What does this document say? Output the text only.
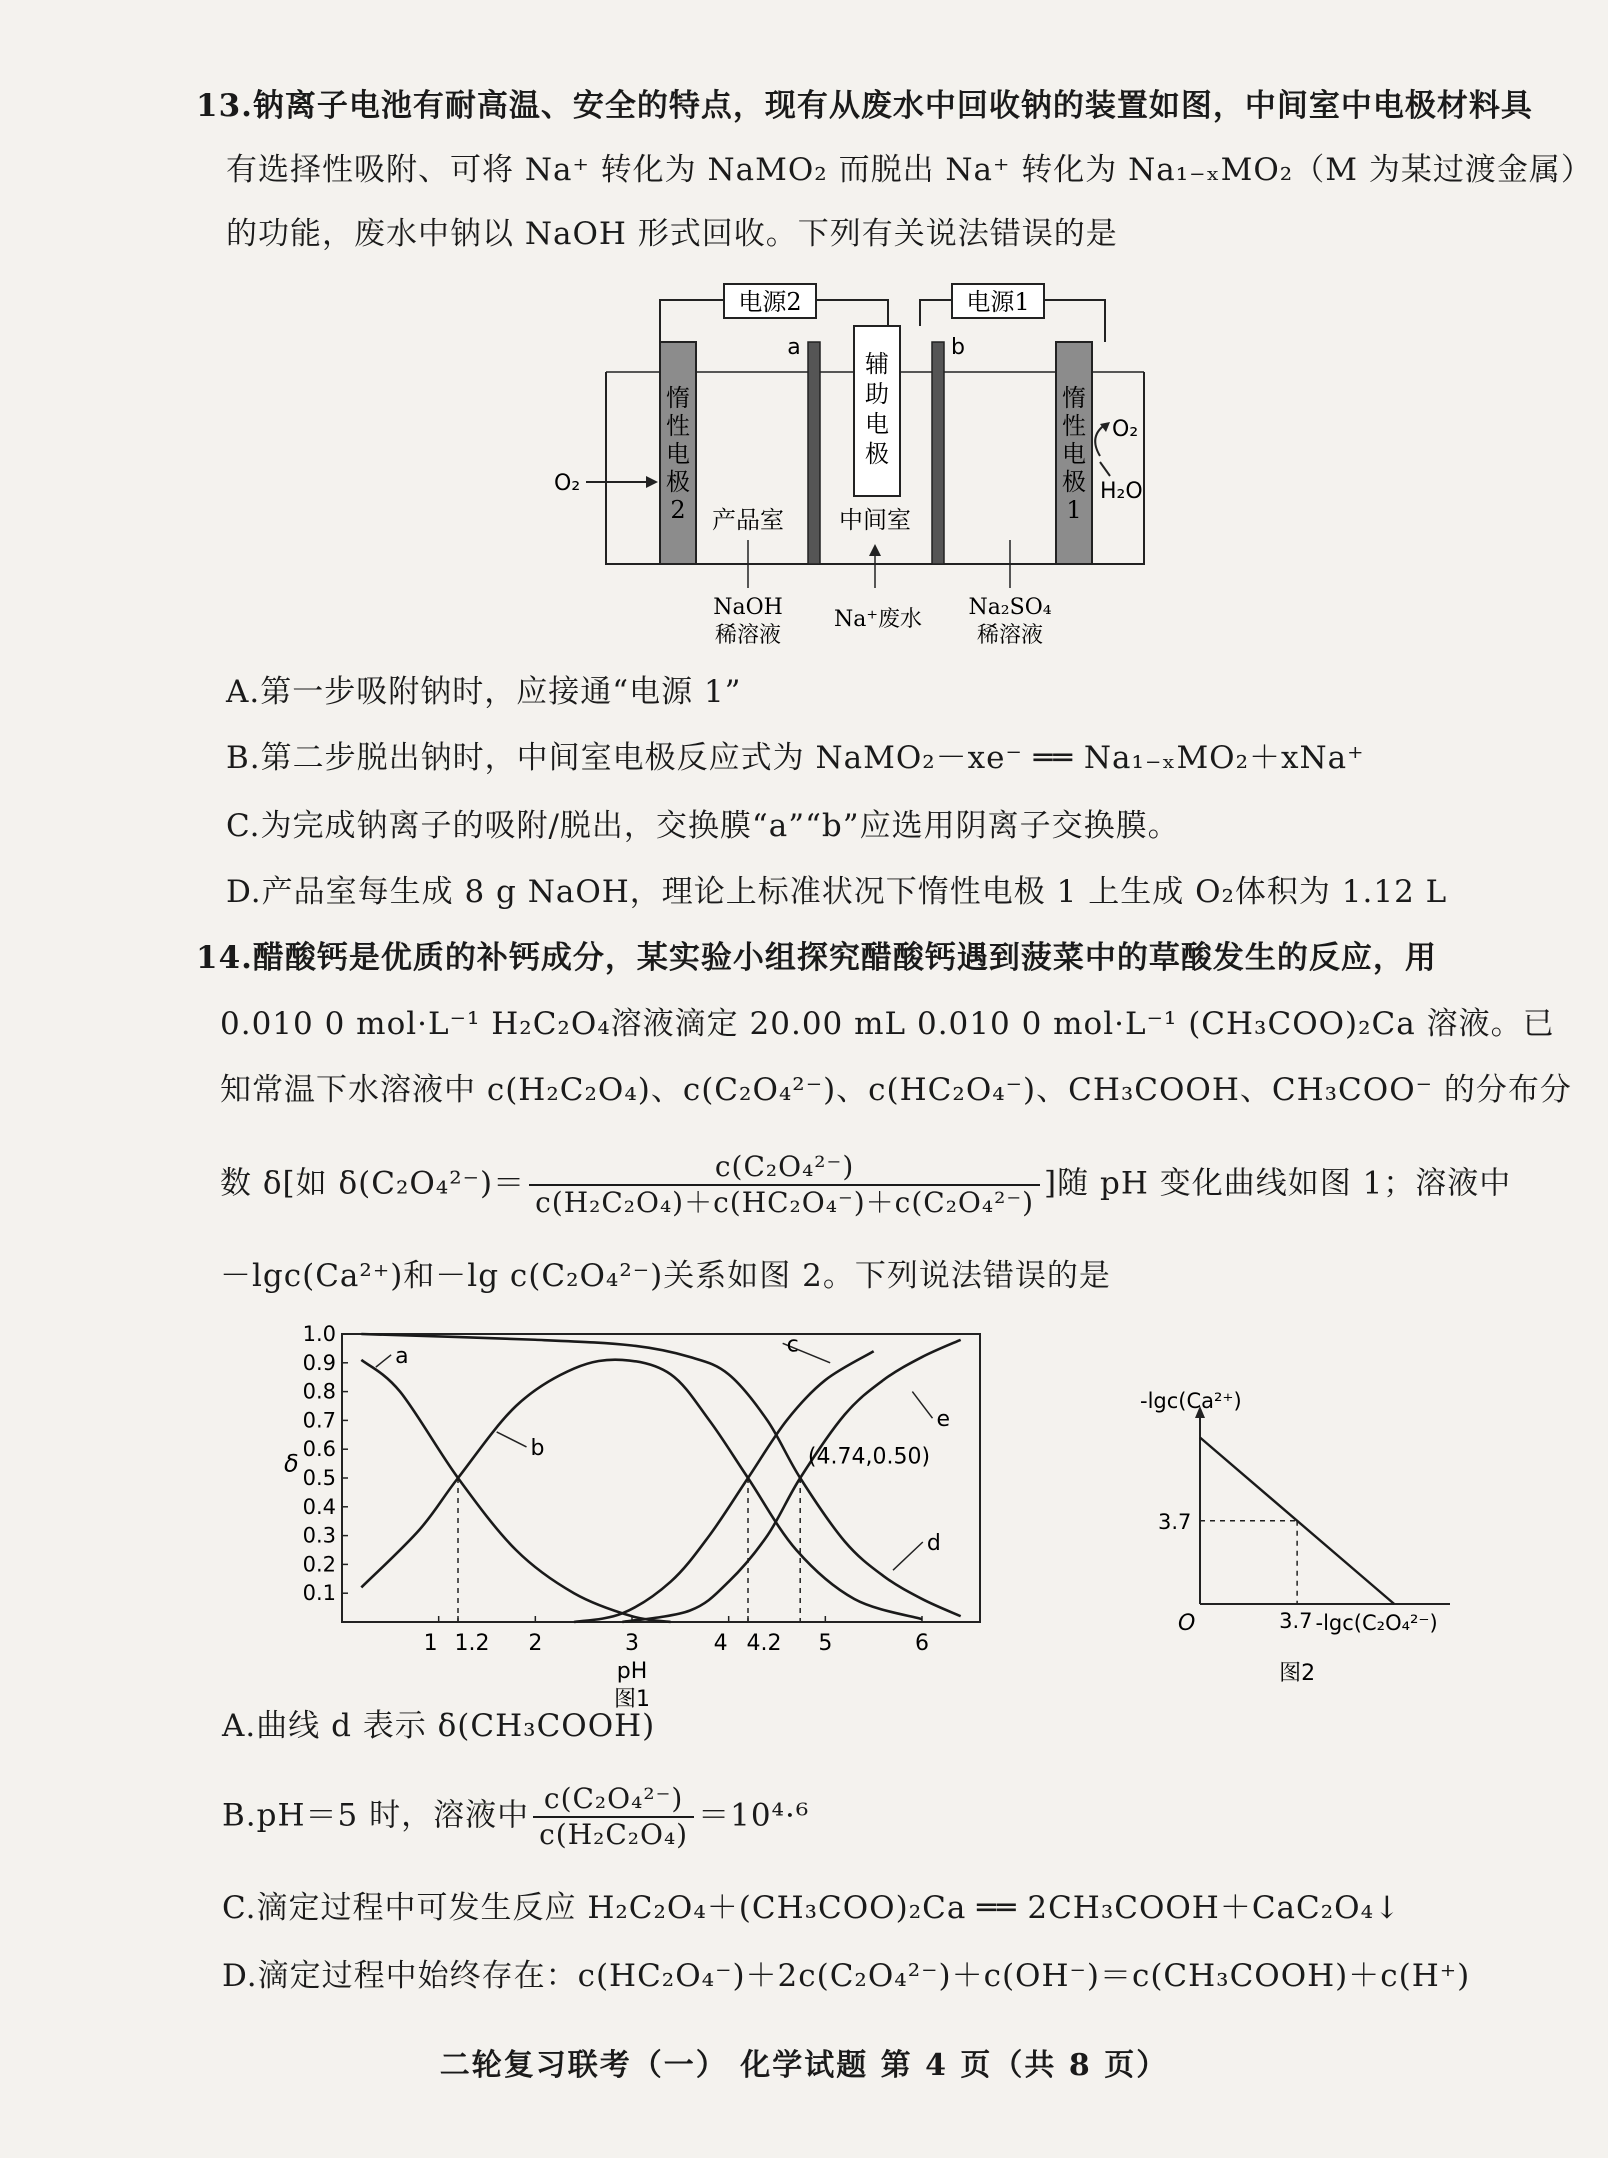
13.钠离子电池有耐高温、安全的特点，现有从废水中回收钠的装置如图，中间室中电极材料具
有选择性吸附、可将 Na⁺ 转化为 NaMO₂ 而脱出 Na⁺ 转化为 Na₁₋ₓMO₂（M 为某过渡金属）
的功能，废水中钠以 NaOH 形式回收。下列有关说法错误的是
电源2	电源1
惰
性
电
极
2
惰
性
电
极
1
a	b
辅
助
电
极
O₂
O₂
H₂O
产品室 中间室
NaOH
稀溶液
Na⁺废水 Na₂SO₄
稀溶液
A.第一步吸附钠时，应接通“电源 1”
B.第二步脱出钠时，中间室电极反应式为 NaMO₂－xe⁻ ══ Na₁₋ₓMO₂＋xNa⁺
C.为完成钠离子的吸附/脱出，交换膜“a”“b”应选用阴离子交换膜。
D.产品室每生成 8 g NaOH，理论上标准状况下惰性电极 1 上生成 O₂体积为 1.12 L
14.醋酸钙是优质的补钙成分，某实验小组探究醋酸钙遇到菠菜中的草酸发生的反应，用
0.010 0 mol·L⁻¹ H₂C₂O₄溶液滴定 20.00 mL 0.010 0 mol·L⁻¹ (CH₃COO)₂Ca 溶液。已
知常温下水溶液中 c(H₂C₂O₄)、c(C₂O₄²⁻)、c(HC₂O₄⁻)、CH₃COOH、CH₃COO⁻ 的分布分
数 δ[如 $\delta(C_2O_4^{2-})= \frac{\text{c(C₂O₄²⁻)}}{\text{c(H₂C₂O₄)＋c(HC₂O₄⁻)＋c(C₂O₄²⁻)}}$ ]随 pH 变化曲线如图 1；溶液中
－lgc(Ca²⁺)和－lg c(C₂O₄²⁻)关系如图 2。下列说法错误的是
0.1
0.2
0.3
0.4
0.5
0.6
0.7
0.8
0.9
1.0
δ
1 1.2 2	3	4 4.2 5	6
pH
图1
a
b
c
d
e
(4.74,0.50)
-lgc(Ca²⁺)
-lgc(C₂O₄²⁻)
O
3.7
3.7
图2
A.曲线 d 表示 δ(CH₃COOH)
B.pH＝5 时，溶液中 $\frac{\text{c(C₂O₄²⁻)}}{\text{c(H₂C₂O₄)}} =10^4\cdot^6$
C.滴定过程中可发生反应 H₂C₂O₄＋(CH₃COO)₂Ca ══ 2CH₃COOH＋CaC₂O₄↓
D.滴定过程中始终存在：c(HC₂O₄⁻)＋2c(C₂O₄²⁻)＋c(OH⁻)＝c(CH₃COOH)＋c(H⁺)
二轮复习联考（一） 化学试题 第 4 页（共 8 页）
